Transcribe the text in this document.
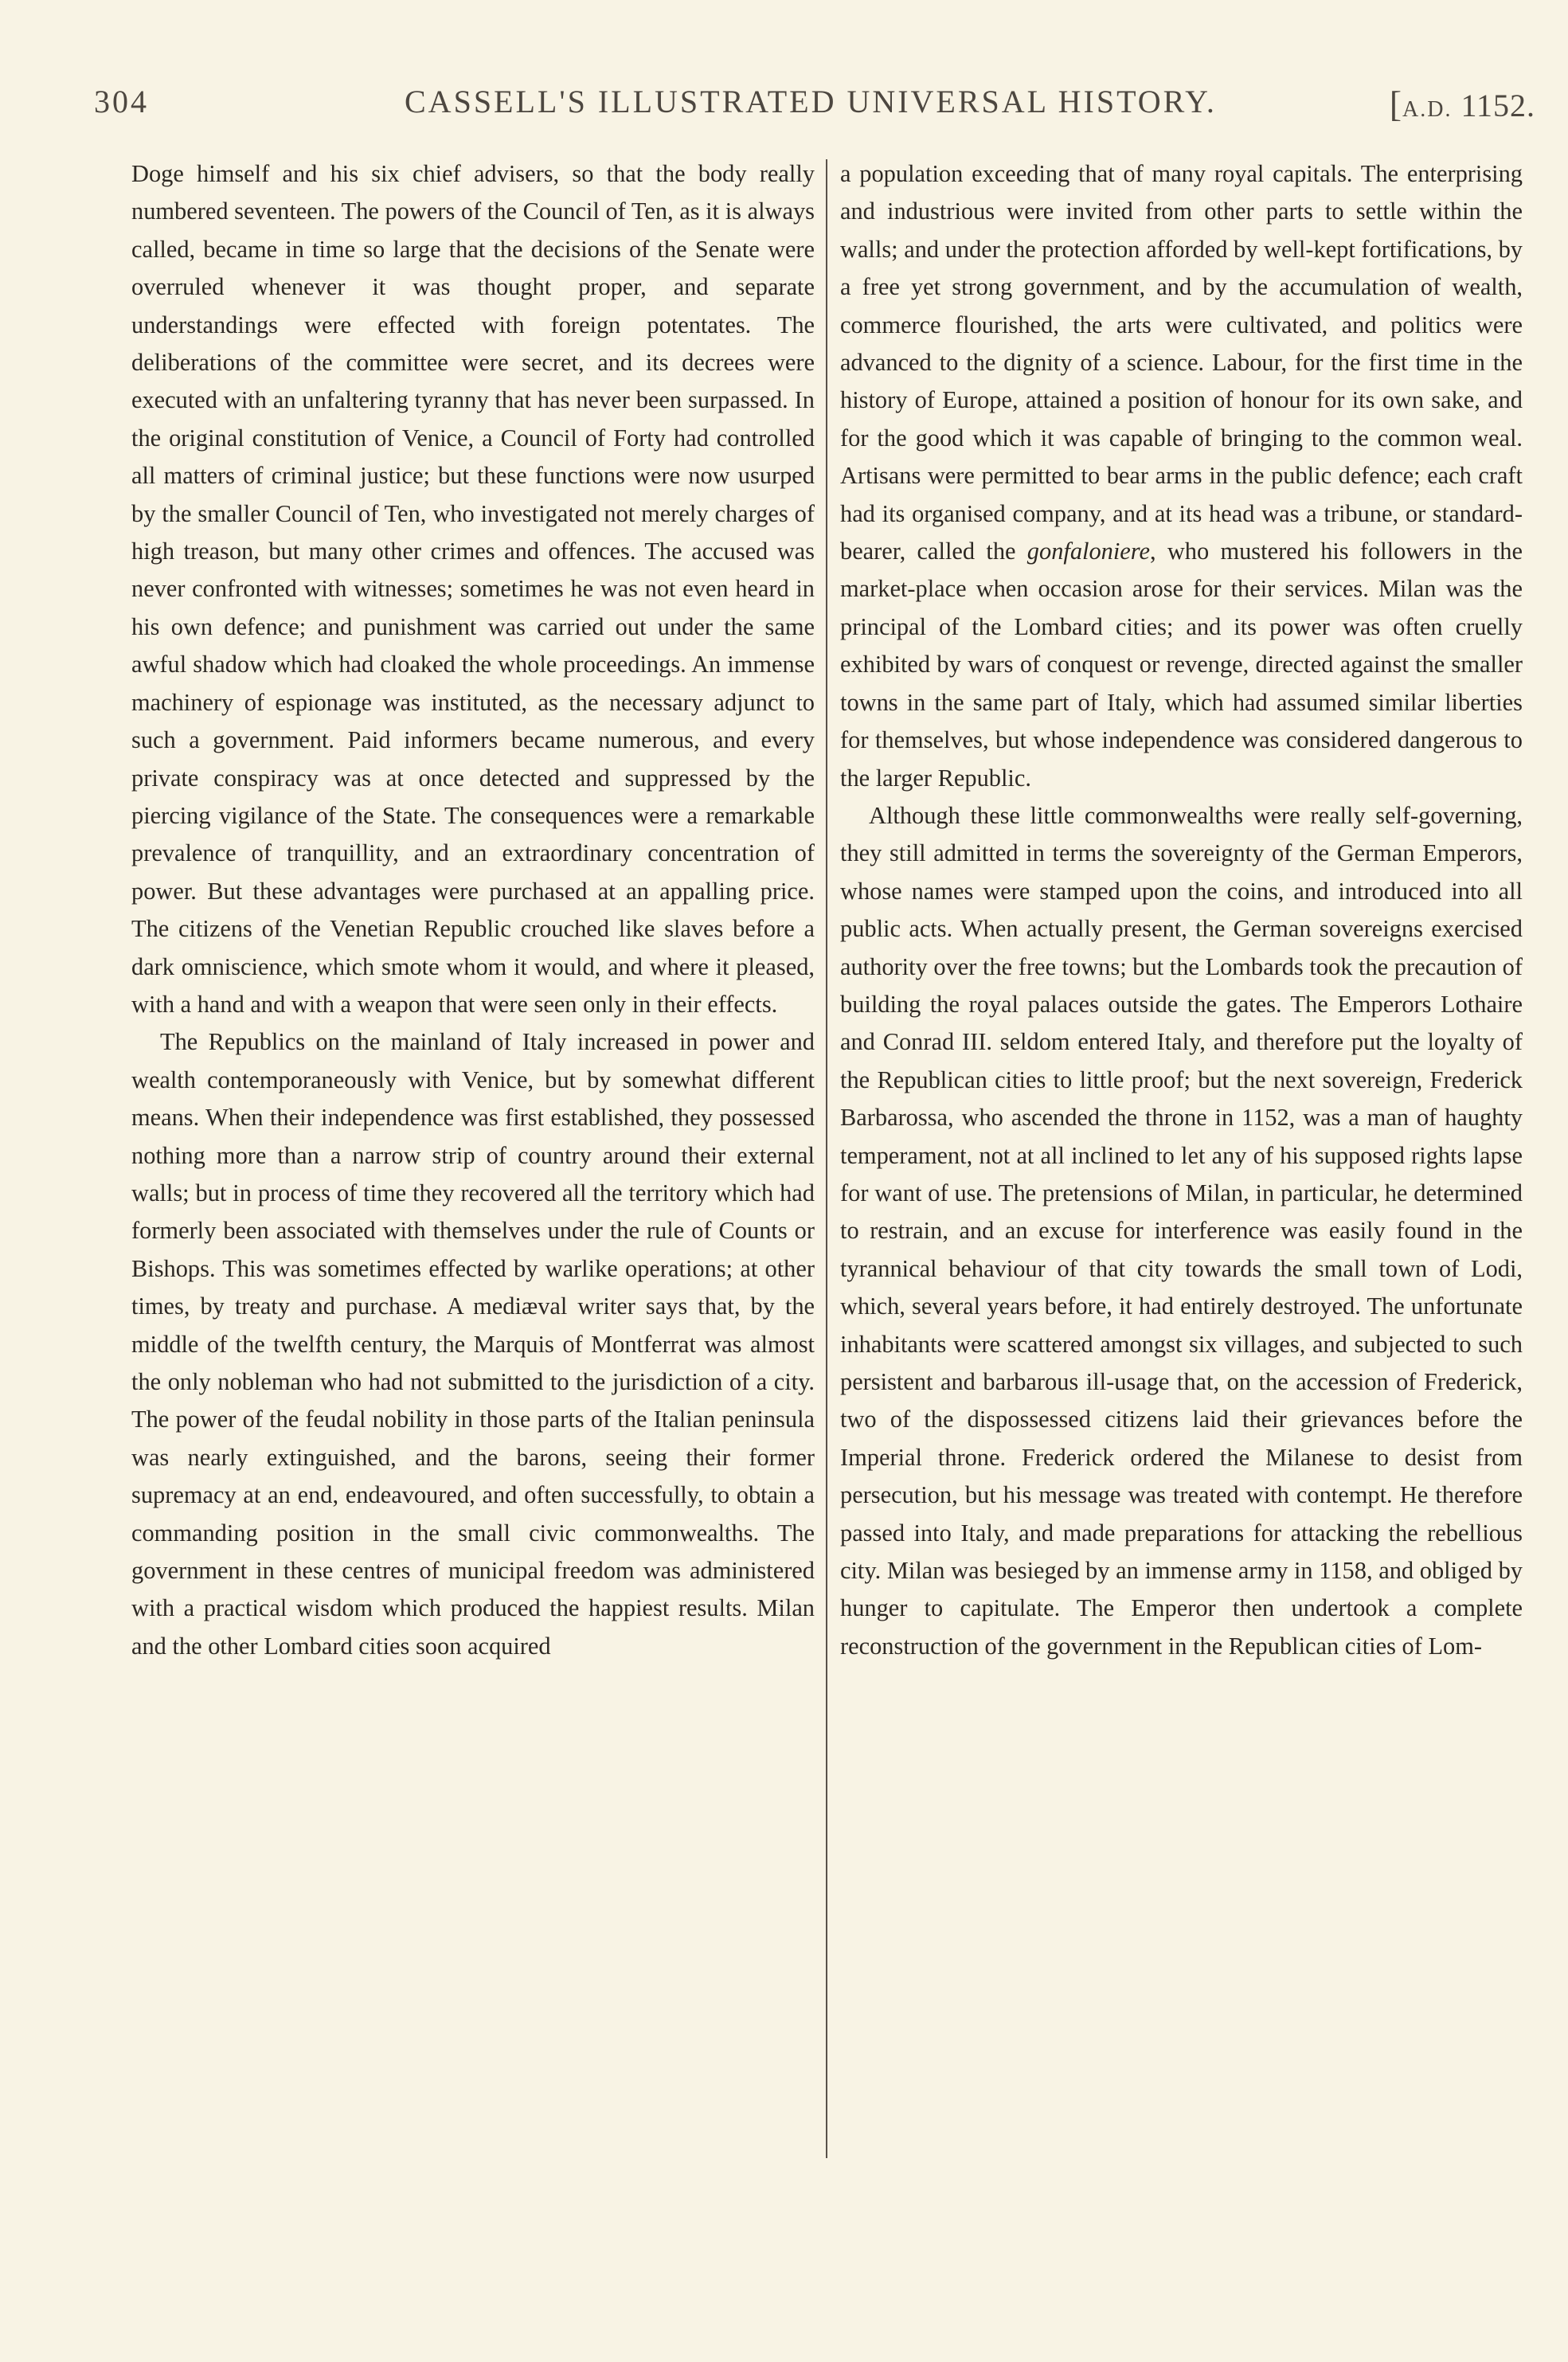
304	CASSELL'S ILLUSTRATED UNIVERSAL HISTORY.	[A.D. 1152.

Doge himself and his six chief advisers, so that the body really numbered seventeen. The powers of the Council of Ten, as it is always called, became in time so large that the decisions of the Senate were overruled whenever it was thought proper, and separate understandings were effected with foreign potentates. The deliberations of the committee were secret, and its decrees were executed with an unfaltering tyranny that has never been surpassed. In the original constitution of Venice, a Council of Forty had controlled all matters of criminal justice; but these functions were now usurped by the smaller Council of Ten, who investigated not merely charges of high treason, but many other crimes and offences. The accused was never confronted with witnesses; sometimes he was not even heard in his own defence; and punishment was carried out under the same awful shadow which had cloaked the whole proceedings. An immense machinery of espionage was instituted, as the necessary adjunct to such a government. Paid informers became numerous, and every private conspiracy was at once detected and suppressed by the piercing vigilance of the State. The consequences were a remarkable prevalence of tranquillity, and an extraordinary concentration of power. But these advantages were purchased at an appalling price. The citizens of the Venetian Republic crouched like slaves before a dark omniscience, which smote whom it would, and where it pleased, with a hand and with a weapon that were seen only in their effects.

The Republics on the mainland of Italy increased in power and wealth contemporaneously with Venice, but by somewhat different means. When their independence was first established, they possessed nothing more than a narrow strip of country around their external walls; but in process of time they recovered all the territory which had formerly been associated with themselves under the rule of Counts or Bishops. This was sometimes effected by warlike operations; at other times, by treaty and purchase. A mediæval writer says that, by the middle of the twelfth century, the Marquis of Montferrat was almost the only nobleman who had not submitted to the jurisdiction of a city. The power of the feudal nobility in those parts of the Italian peninsula was nearly extinguished, and the barons, seeing their former supremacy at an end, endeavoured, and often successfully, to obtain a commanding position in the small civic commonwealths. The government in these centres of municipal freedom was administered with a practical wisdom which produced the happiest results. Milan and the other Lombard cities soon acquired

a population exceeding that of many royal capitals. The enterprising and industrious were invited from other parts to settle within the walls; and under the protection afforded by well-kept fortifications, by a free yet strong government, and by the accumulation of wealth, commerce flourished, the arts were cultivated, and politics were advanced to the dignity of a science. Labour, for the first time in the history of Europe, attained a position of honour for its own sake, and for the good which it was capable of bringing to the common weal. Artisans were permitted to bear arms in the public defence; each craft had its organised company, and at its head was a tribune, or standard-bearer, called the gonfaloniere, who mustered his followers in the market-place when occasion arose for their services. Milan was the principal of the Lombard cities; and its power was often cruelly exhibited by wars of conquest or revenge, directed against the smaller towns in the same part of Italy, which had assumed similar liberties for themselves, but whose independence was considered dangerous to the larger Republic.

Although these little commonwealths were really self-governing, they still admitted in terms the sovereignty of the German Emperors, whose names were stamped upon the coins, and introduced into all public acts. When actually present, the German sovereigns exercised authority over the free towns; but the Lombards took the precaution of building the royal palaces outside the gates. The Emperors Lothaire and Conrad III. seldom entered Italy, and therefore put the loyalty of the Republican cities to little proof; but the next sovereign, Frederick Barbarossa, who ascended the throne in 1152, was a man of haughty temperament, not at all inclined to let any of his supposed rights lapse for want of use. The pretensions of Milan, in particular, he determined to restrain, and an excuse for interference was easily found in the tyrannical behaviour of that city towards the small town of Lodi, which, several years before, it had entirely destroyed. The unfortunate inhabitants were scattered amongst six villages, and subjected to such persistent and barbarous ill-usage that, on the accession of Frederick, two of the dispossessed citizens laid their grievances before the Imperial throne. Frederick ordered the Milanese to desist from persecution, but his message was treated with contempt. He therefore passed into Italy, and made preparations for attacking the rebellious city. Milan was besieged by an immense army in 1158, and obliged by hunger to capitulate. The Emperor then undertook a complete reconstruction of the government in the Republican cities of Lom-
